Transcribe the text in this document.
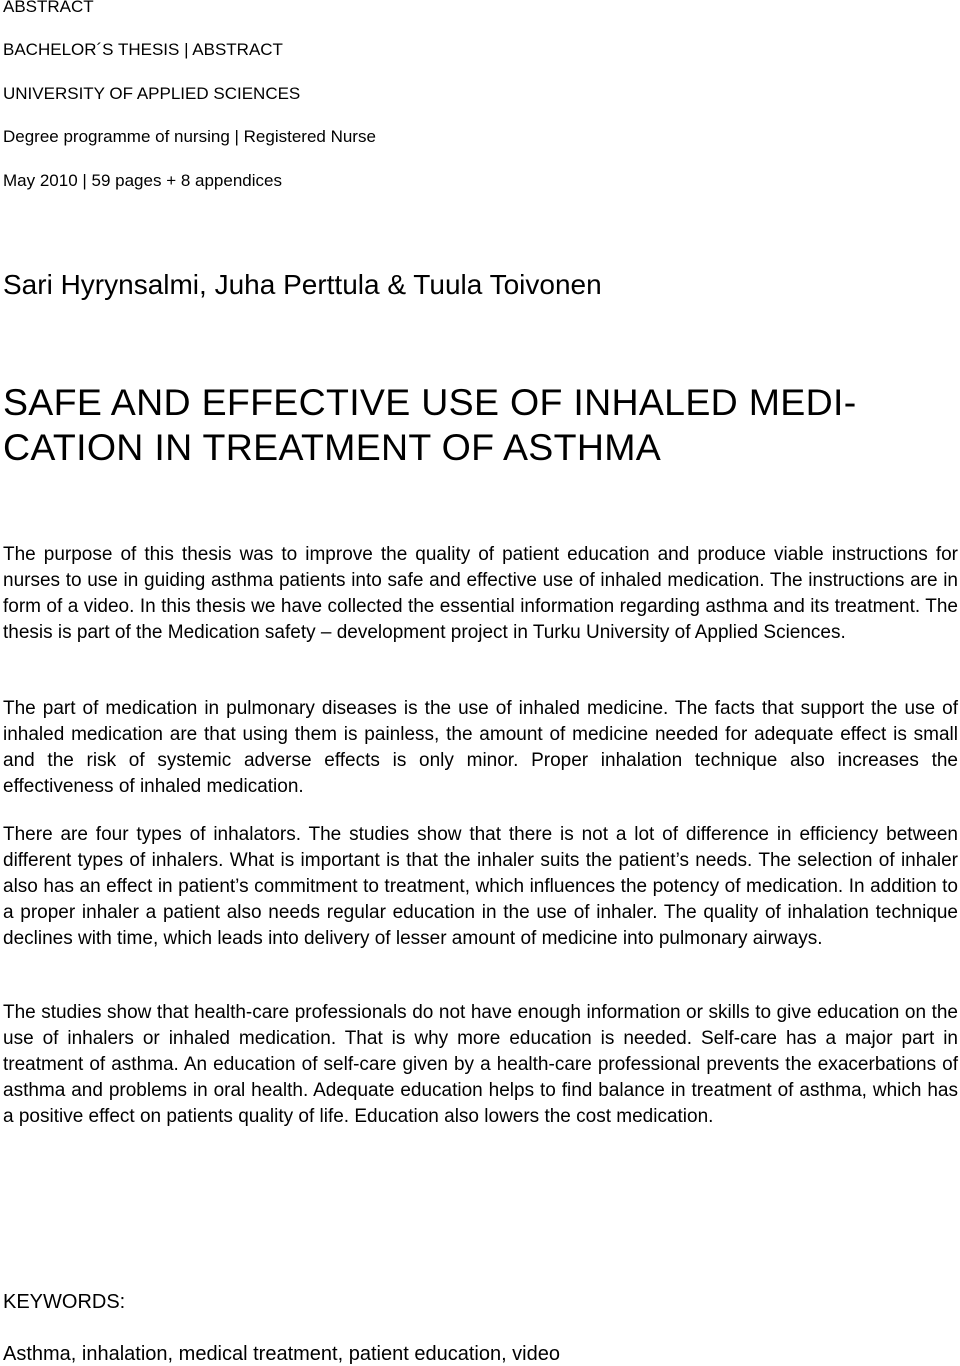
ABSTRACT
BACHELOR´S THESIS | ABSTRACT
UNIVERSITY OF APPLIED SCIENCES
Degree programme of nursing | Registered Nurse
May 2010 | 59 pages + 8 appendices
Sari Hyrynsalmi, Juha Perttula & Tuula Toivonen
SAFE AND EFFECTIVE USE OF INHALED MEDI-
CATION IN TREATMENT OF ASTHMA

The purpose of this thesis was to improve the quality of patient education and produce viable instructions for nurses to use in guiding asthma patients into safe and effective use of inhaled medication. The instructions are in form of a video. In this thesis we have collected the essential information regarding asthma and its treatment. The thesis is part of the Medication safety – development project in Turku University of Applied Sciences.

The part of medication in pulmonary diseases is the use of inhaled medicine. The facts that support the use of inhaled medication are that using them is painless, the amount of medicine needed for adequate effect is small and the risk of systemic adverse effects is only minor. Proper inhalation technique also increases the effectiveness of inhaled medication.

There are four types of inhalators. The studies show that there is not a lot of difference in efficiency between different types of inhalers. What is important is that the inhaler suits the patient’s needs. The selection of inhaler also has an effect in patient’s commitment to treatment, which influences the potency of medication. In addition to a proper inhaler a patient also needs regular education in the use of inhaler. The quality of inhalation technique declines with time, which leads into delivery of lesser amount of medicine into pulmonary airways.

The studies show that health-care professionals do not have enough information or skills to give education on the use of inhalers or inhaled medication. That is why more education is needed. Self-care has a major part in treatment of asthma. An education of self-care given by a health-care professional prevents the exacerbations of asthma and problems in oral health. Adequate education helps to find balance in treatment of asthma, which has a positive effect on patients quality of life. Education also lowers the cost medication.

KEYWORDS:
Asthma, inhalation, medical treatment, patient education, video
